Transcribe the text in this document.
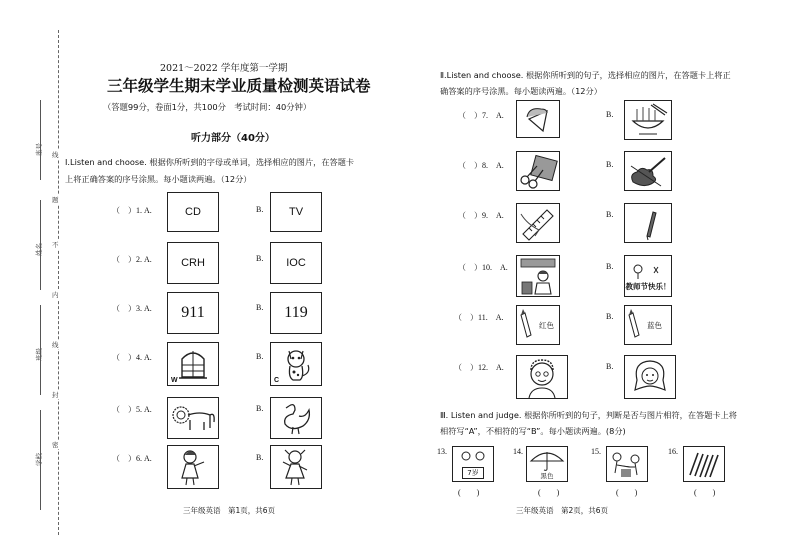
座号
姓名
班级
学校
线
题
不
内
线
封
密
2021～2022 学年度第一学期
三年级学生期末学业质量检测英语试卷
（答题99分，卷面1分，共100分　考试时间：40分钟）
听力部分（40分）
Ⅰ.Listen and choose. 根据你所听到的字母或单词，选择相应的图片，在答题卡
上将正确答案的序号涂黑。每小题读两遍。（12分）
（　）1. A.	CD	B. TV
（　）2. A.	CRH	B. IOC
（　）3. A. 911	B. 119
（　）4. A.
W
B.
C
（　）5. A.	B.
（　）6. A.	B.
三年级英语　第1页，共6页
Ⅱ.Listen and choose. 根据你所听到的句子，选择相应的图片，在答题卡上将正
确答案的序号涂黑。每小题读两遍。（12分）
（　）7.　A.	B.
（　）8.　A.	B.
（　）9.　A.	B.
（　）10.　A.	B.
教师节快乐！
（　）11.　A.
红色
B.
蓝色
（　）12.　A.	B.
Ⅲ. Listen and judge. 根据你所听到的句子，判断是否与图片相符，在答题卡上将
相符写“A”，不相符的写“B”。每小题读两遍。(8分)
13.
7岁
(　　)
14.
黑色
(　　)
15.
(　　)
16.
(　　)
三年级英语　第2页，共6页
